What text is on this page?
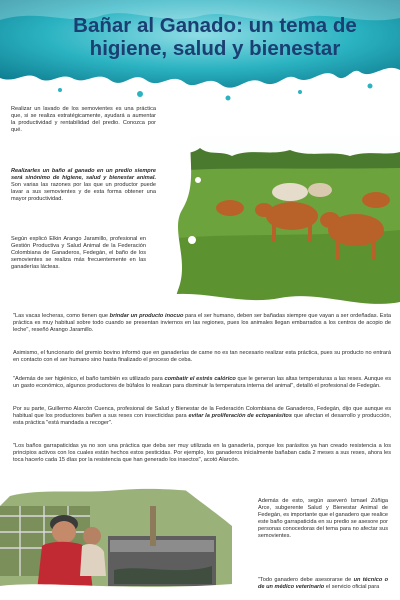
Bañar al Ganado: un tema de higiene, salud y bienestar

Realizar un lavado de los semovientes es una práctica que, si se realiza estratégicamente, ayudará a aumentar la productividad y rentabilidad del predio. Conozca por qué.

Realizarles un baño al ganado en un predio siempre será sinónimo de higiene, salud y bienestar animal. Son varias las razones por las que un productor puede lavar a sus semovientes y de esta forma obtener una mayor productividad.

Según explicó Elkin Arango Jaramillo, profesional en Gestión Productiva y Salud Animal de la Federación Colombiana de Ganaderos, Fedegán, el baño de los semovientes se realiza más frecuentemente en las ganaderías lácteas.

"Las vacas lecheras, como tienen que brindar un producto inocuo para el ser humano, deben ser bañadas siempre que vayan a ser ordeñadas. Esta práctica es muy habitual sobre todo cuando se presentan inviernos en las regiones, pues los animales llegan embarrados a los centros de acopio de leche", reseñó Arango Jaramillo.

Asimismo, el funcionario del gremio bovino informó que en ganaderías de carne no es tan necesario realizar esta práctica, pues su producto no entrará en contacto con el ser humano sino hasta finalizado el proceso de ceba.

"Además de ser higiénico, el baño también es utilizado para combatir el estrés calórico que le generan las altas temperaturas a las reses. Aunque es un gasto económico, algunos productores de búfalos lo realizan para disminuir la temperatura interna del animal", detalló el profesional de Fedegán.

Por su parte, Guillermo Alarcón Cuenca, profesional de Salud y Bienestar de la Federación Colombiana de Ganaderos, Fedegán, dijo que aunque es habitual que los productores bañen a sus reses con insecticidas para evitar la proliferación de ectoparásitos que afectan el desarrollo y producción, esta práctica "está mandada a recoger".

"Los baños garrapaticidas ya no son una práctica que deba ser muy utilizada en la ganadería, porque los parásitos ya han creado resistencia a los principios activos con los cuales están hechos estos pesticidas. Por ejemplo, los ganaderos inicialmente bañaban cada 2 meses a sus reses, ahora les toca hacerlo cada 15 días por la resistencia que han generado los insectos", acotó Alarcón.

Además de esto, según aseveró Ismael Zúñiga Arce, subgerente Salud y Bienestar Animal de Fedegán, es importante que el ganadero que realice este baño garrapaticida en su predio se asesore por personas conocedoras del tema para no afectar sus semovientes.

"Todo ganadero debe asesorarse de un técnico o de un médico veterinario el servicio oficial para
